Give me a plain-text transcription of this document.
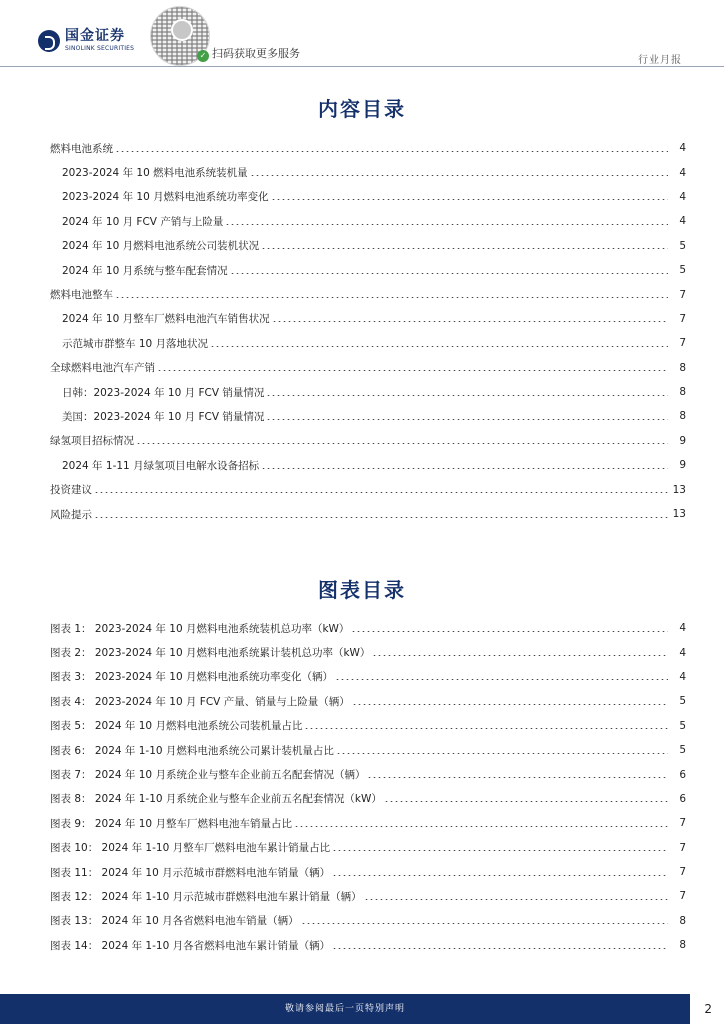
国金证券
SINOLINK SECURITIES
✓ 扫码获取更多服务
行业月报
内容目录
燃料电池系统	4
2023-2024 年 10 燃料电池系统装机量	4
2023-2024 年 10 月燃料电池系统功率变化	4
2024 年 10 月 FCV 产销与上险量	4
2024 年 10 月燃料电池系统公司装机状况	5
2024 年 10 月系统与整车配套情况	5
燃料电池整车	7
2024 年 10 月整车厂燃料电池汽车销售状况	7
示范城市群整车 10 月落地状况	7
全球燃料电池汽车产销	8
日韩：2023-2024 年 10 月 FCV 销量情况	8
美国：2023-2024 年 10 月 FCV 销量情况	8
绿氢项目招标情况	9
2024 年 1-11 月绿氢项目电解水设备招标	9
投资建议	13
风险提示	13
图表目录
图表 1： 2023-2024 年 10 月燃料电池系统装机总功率（kW）	4
图表 2： 2023-2024 年 10 月燃料电池系统累计装机总功率（kW）	4
图表 3： 2023-2024 年 10 月燃料电池系统功率变化（辆）	4
图表 4： 2023-2024 年 10 月 FCV 产量、销量与上险量（辆）	5
图表 5： 2024 年 10 月燃料电池系统公司装机量占比	5
图表 6： 2024 年 1-10 月燃料电池系统公司累计装机量占比	5
图表 7： 2024 年 10 月系统企业与整车企业前五名配套情况（辆）	6
图表 8： 2024 年 1-10 月系统企业与整车企业前五名配套情况（kW）	6
图表 9： 2024 年 10 月整车厂燃料电池车销量占比	7
图表 10： 2024 年 1-10 月整车厂燃料电池车累计销量占比	7
图表 11： 2024 年 10 月示范城市群燃料电池车销量（辆）	7
图表 12： 2024 年 1-10 月示范城市群燃料电池车累计销量（辆）	7
图表 13： 2024 年 10 月各省燃料电池车销量（辆）	8
图表 14： 2024 年 1-10 月各省燃料电池车累计销量（辆）	8
敬请参阅最后一页特别声明	2
